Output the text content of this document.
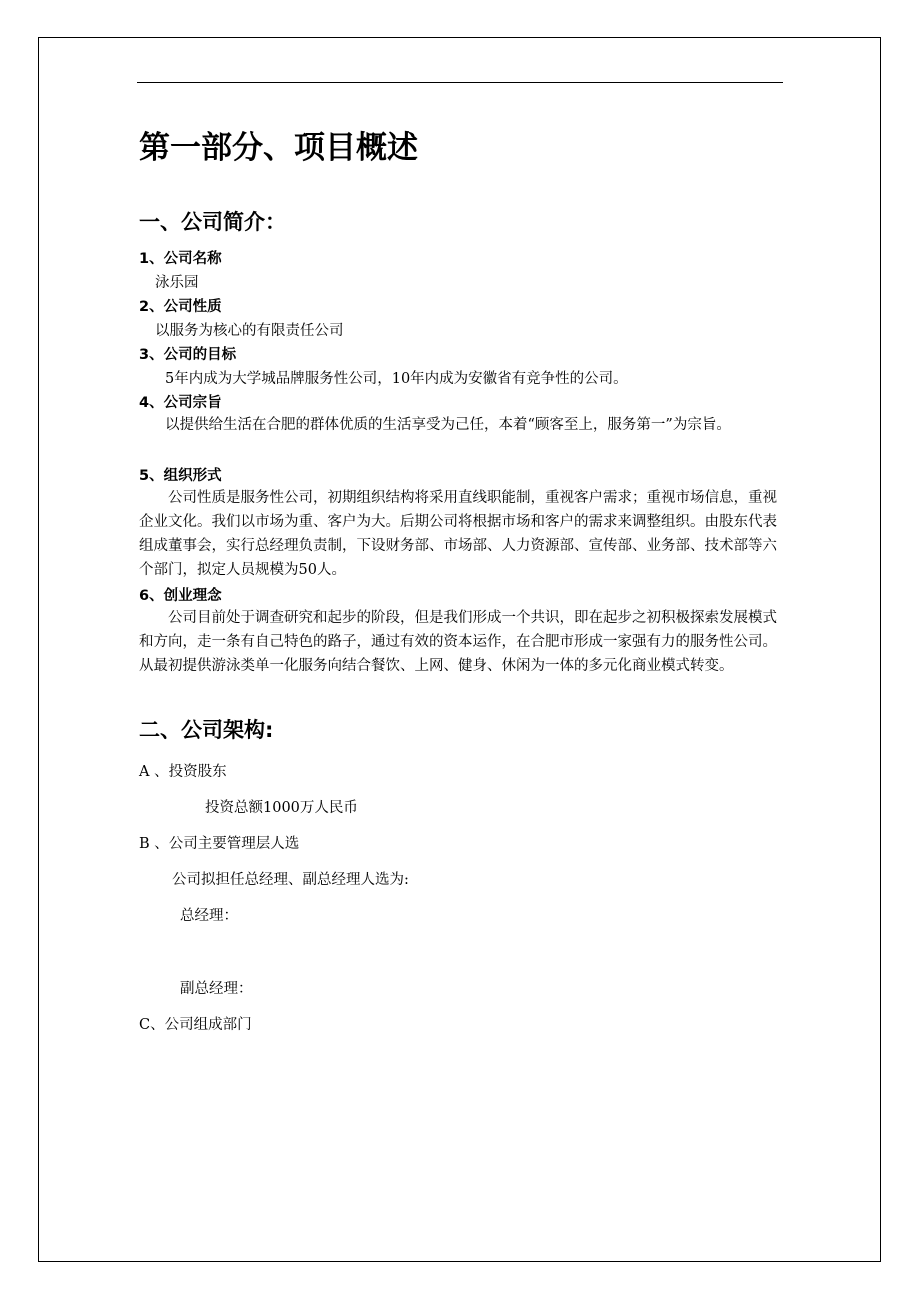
第一部分、项目概述
一、公司简介：
1、公司名称
泳乐园
2、公司性质
以服务为核心的有限责任公司
3、公司的目标
5年内成为大学城品牌服务性公司，10年内成为安徽省有竞争性的公司。
4、公司宗旨
以提供给生活在合肥的群体优质的生活享受为己任，本着“顾客至上，服务第一”为宗旨。
5、组织形式
公司性质是服务性公司，初期组织结构将采用直线职能制，重视客户需求；重视市场信息，重视企业文化。我们以市场为重、客户为大。后期公司将根据市场和客户的需求来调整组织。由股东代表组成董事会，实行总经理负责制，下设财务部、市场部、人力资源部、宣传部、业务部、技术部等六个部门，拟定人员规模为50人。
6、创业理念
公司目前处于调查研究和起步的阶段，但是我们形成一个共识，即在起步之初积极探索发展模式和方向，走一条有自己特色的路子，通过有效的资本运作，在合肥市形成一家强有力的服务性公司。从最初提供游泳类单一化服务向结合餐饮、上网、健身、休闲为一体的多元化商业模式转变。
二、公司架构:
A 、投资股东
投资总额1000万人民币
B 、公司主要管理层人选
公司拟担任总经理、副总经理人选为:
总经理：
副总经理：
C、公司组成部门
